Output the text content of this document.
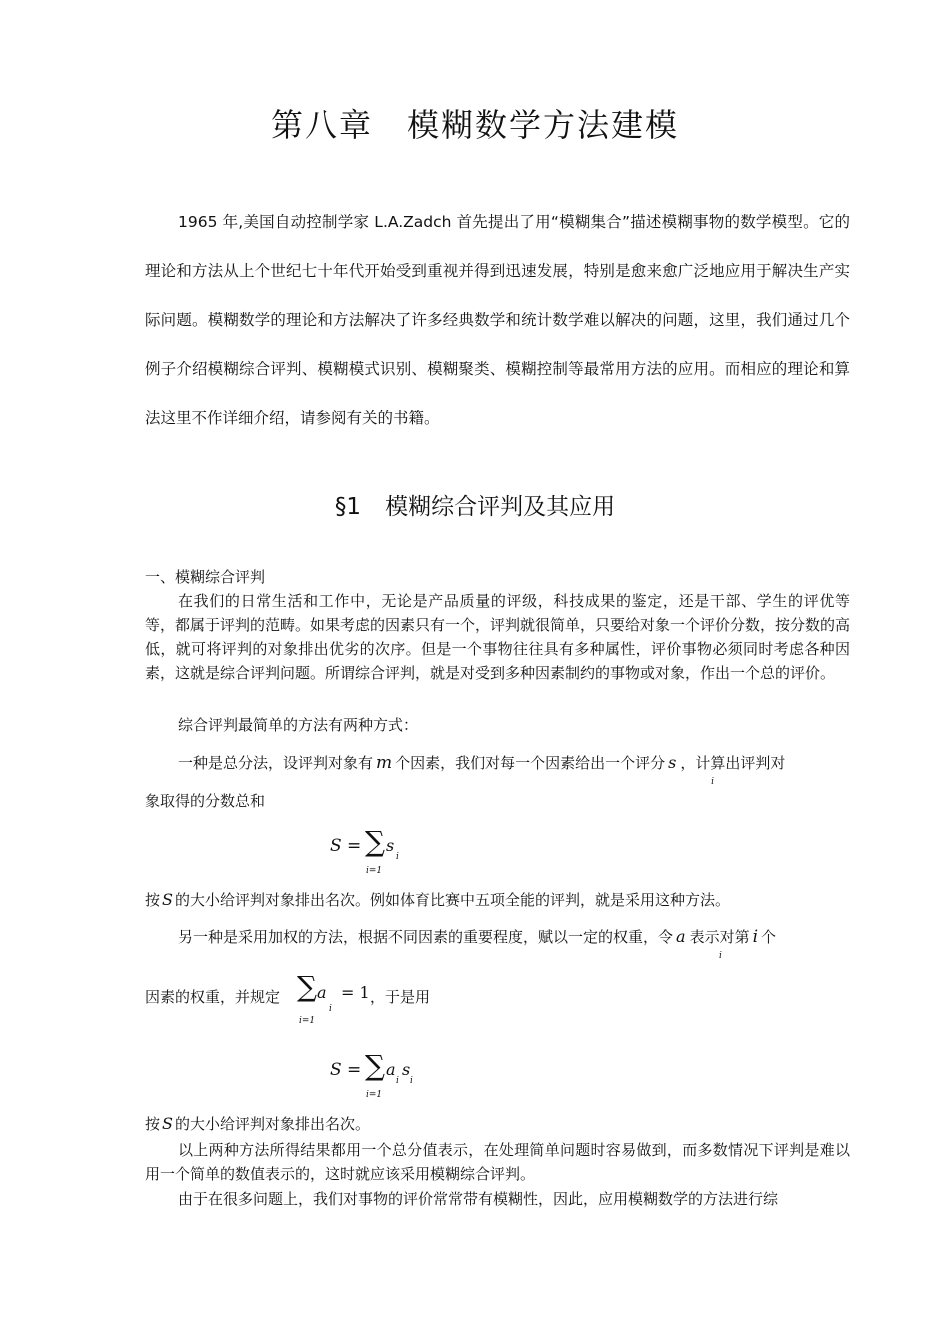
第八章 模糊数学方法建模

1965 年,美国自动控制学家 L.A.Zadch 首先提出了用“模糊集合”描述模糊事物的数学模型。它的理论和方法从上个世纪七十年代开始受到重视并得到迅速发展，特别是愈来愈广泛地应用于解决生产实际问题。模糊数学的理论和方法解决了许多经典数学和统计数学难以解决的问题，这里，我们通过几个例子介绍模糊综合评判、模糊模式识别、模糊聚类、模糊控制等最常用方法的应用。而相应的理论和算法这里不作详细介绍，请参阅有关的书籍。

§1 模糊综合评判及其应用

一、模糊综合评判

在我们的日常生活和工作中，无论是产品质量的评级，科技成果的鉴定，还是干部、学生的评优等等，都属于评判的范畴。如果考虑的因素只有一个，评判就很简单，只要给对象一个评价分数，按分数的高低，就可将评判的对象排出优劣的次序。但是一个事物往往具有多种属性，评价事物必须同时考虑各种因素，这就是综合评判问题。所谓综合评判，就是对受到多种因素制约的事物或对象，作出一个总的评价。

综合评判最简单的方法有两种方式：

一种是总分法，设评判对象有 m 个因素，我们对每一个因素给出一个评分 s
i
，计算出评判对

象取得的分数总和

S = ∑ s
i
i=1
按 S 的大小给评判对象排出名次。例如体育比赛中五项全能的评判，就是采用这种方法。
另一种是采用加权的方法，根据不同因素的重要程度，赋以一定的权重，令 a
i
表示对第 i 个
因素的权重，并规定 ∑ a
i
i=1
= 1 ，于是用
S = ∑ a
i
s
i
i=1
按 S 的大小给评判对象排出名次。

以上两种方法所得结果都用一个总分值表示，在处理简单问题时容易做到，而多数情况下评判是难以用一个简单的数值表示的，这时就应该采用模糊综合评判。

由于在很多问题上，我们对事物的评价常常带有模糊性，因此，应用模糊数学的方法进行综
